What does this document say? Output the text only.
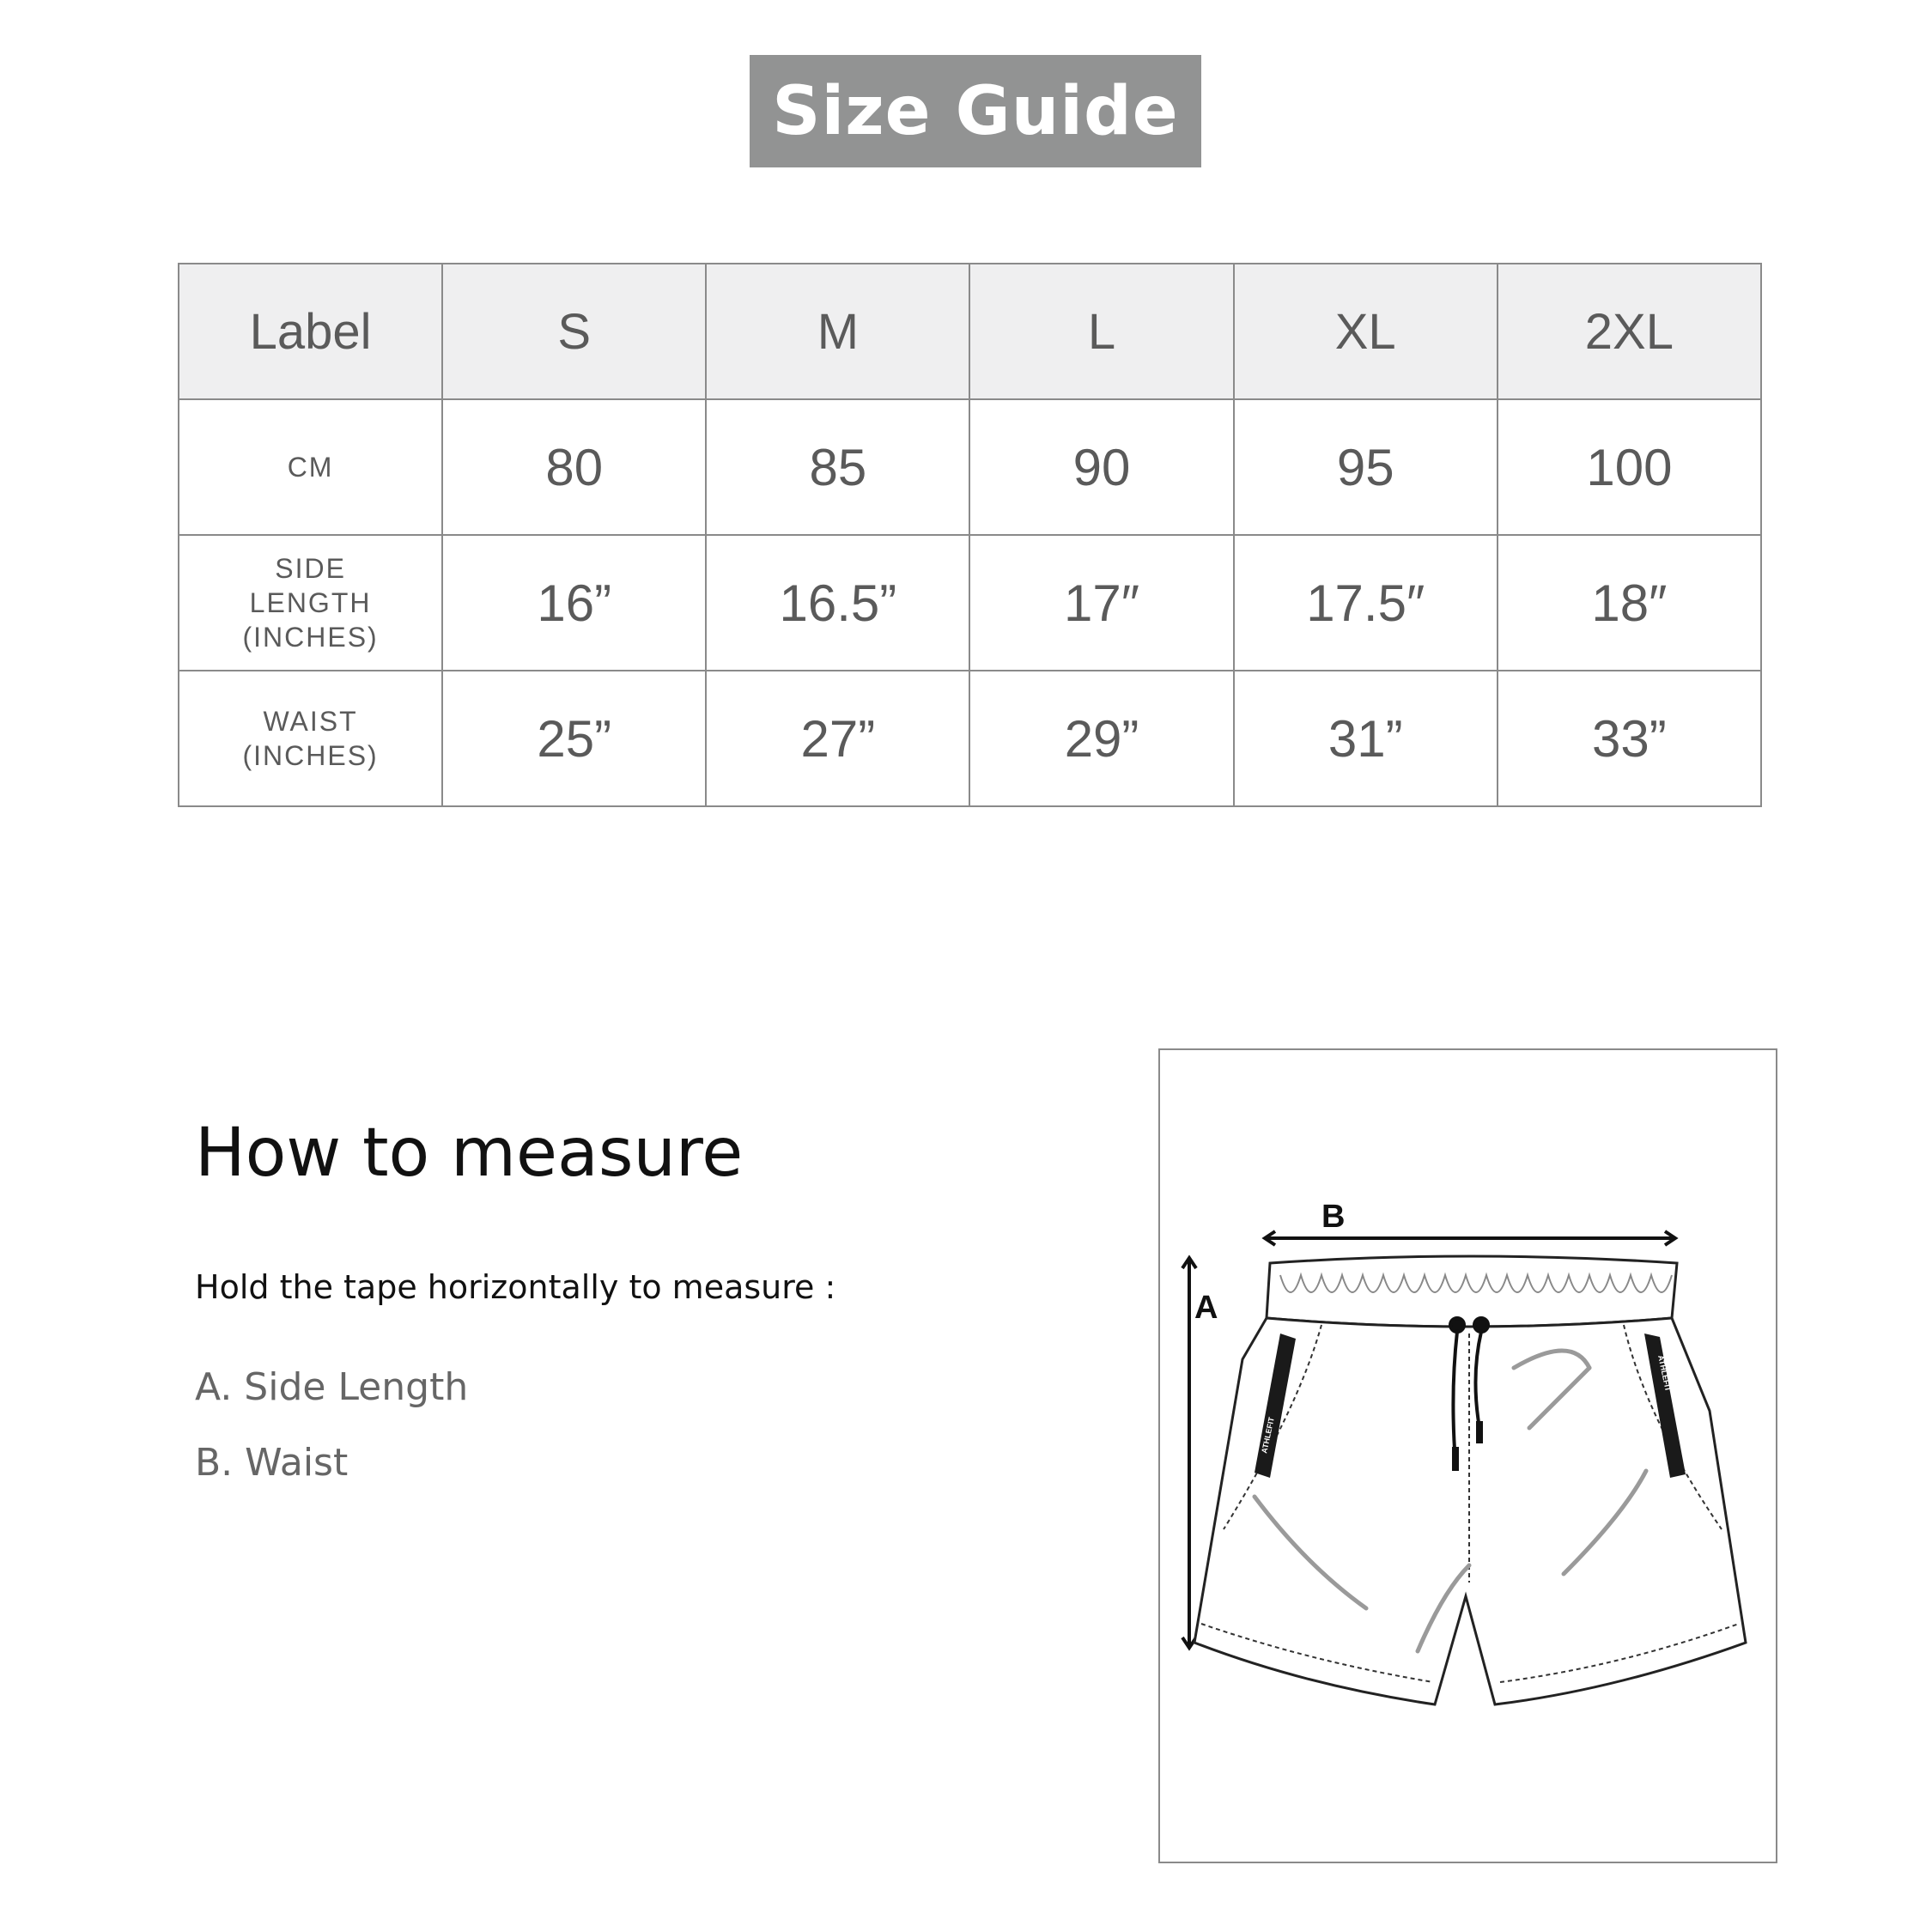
Size Guide
Label	S	M	L	XL	2XL

CM	80	85	90	95	100

SIDE
LENGTH
(INCHES)	16”	16.5”	17″	17.5″	18″

WAIST
(INCHES)	25”	27”	29”	31”	33”
How to measure
Hold the tape horizontally to measure :
A. Side Length
B. Waist
B
A
ATHLEFIT
ATHLEFIT
